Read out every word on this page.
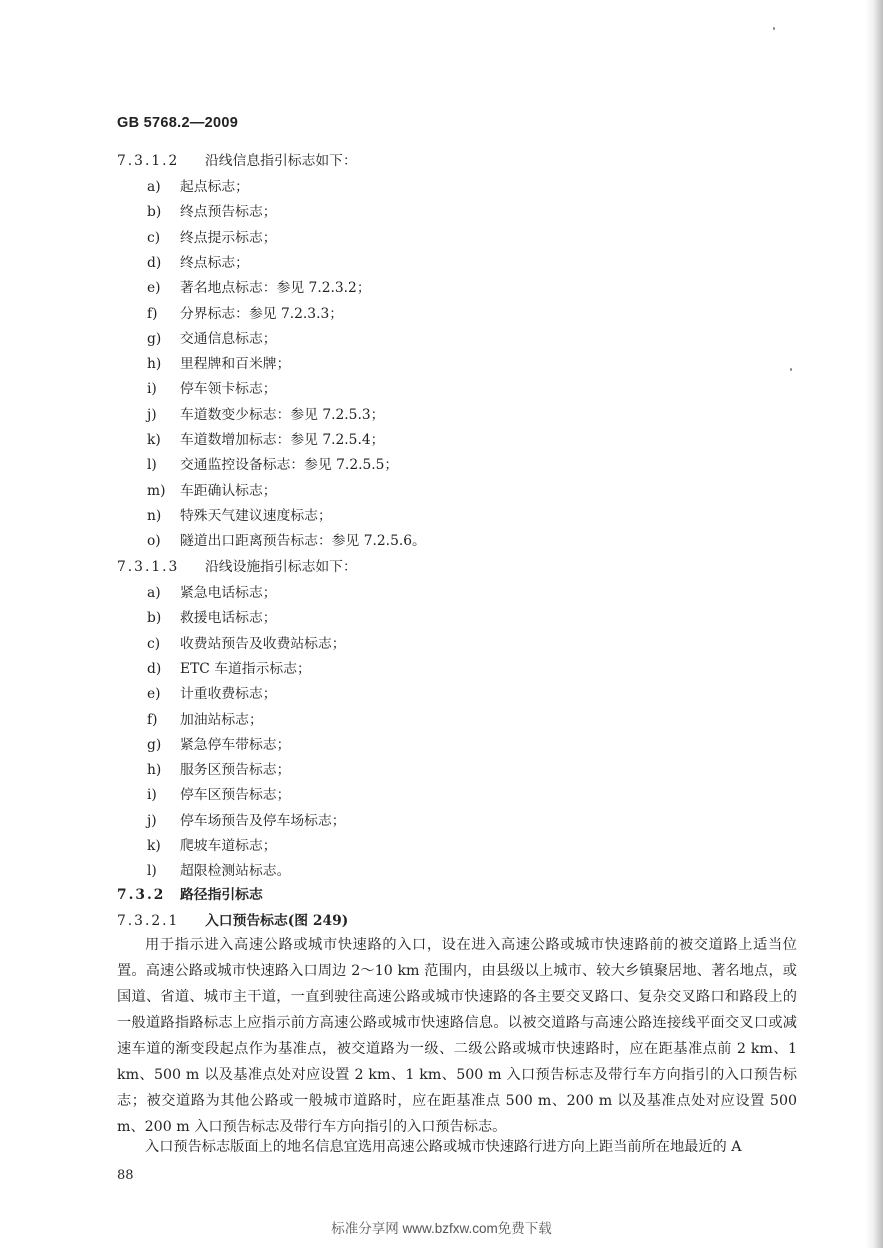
GB 5768.2—2009
7.3.1.2 沿线信息指引标志如下：
a) 起点标志；
b) 终点预告标志；
c) 终点提示标志；
d) 终点标志；
e) 著名地点标志：参见 7.2.3.2；
f) 分界标志：参见 7.2.3.3；
g) 交通信息标志；
h) 里程牌和百米牌；
i) 停车领卡标志；
j) 车道数变少标志：参见 7.2.5.3；
k) 车道数增加标志：参见 7.2.5.4；
l) 交通监控设备标志：参见 7.2.5.5；
m) 车距确认标志；
n) 特殊天气建议速度标志；
o) 隧道出口距离预告标志：参见 7.2.5.6。
7.3.1.3 沿线设施指引标志如下：
a) 紧急电话标志；
b) 救援电话标志；
c) 收费站预告及收费站标志；
d) ETC 车道指示标志；
e) 计重收费标志；
f) 加油站标志；
g) 紧急停车带标志；
h) 服务区预告标志；
i) 停车区预告标志；
j) 停车场预告及停车场标志；
k) 爬坡车道标志；
l) 超限检测站标志。
7.3.2 路径指引标志
7.3.2.1 入口预告标志(图 249)
用于指示进入高速公路或城市快速路的入口，设在进入高速公路或城市快速路前的被交道路上适当位置。高速公路或城市快速路入口周边 2～10 km 范围内，由县级以上城市、较大乡镇聚居地、著名地点，或国道、省道、城市主干道，一直到驶往高速公路或城市快速路的各主要交叉路口、复杂交叉路口和路段上的一般道路指路标志上应指示前方高速公路或城市快速路信息。以被交道路与高速公路连接线平面交叉口或减速车道的渐变段起点作为基准点，被交道路为一级、二级公路或城市快速路时，应在距基准点前 2 km、1 km、500 m 以及基准点处对应设置 2 km、1 km、500 m 入口预告标志及带行车方向指引的入口预告标志；被交道路为其他公路或一般城市道路时，应在距基准点 500 m、200 m 以及基准点处对应设置 500 m、200 m 入口预告标志及带行车方向指引的入口预告标志。
入口预告标志版面上的地名信息宜选用高速公路或城市快速路行进方向上距当前所在地最近的 A
88
标准分享网 www.bzfxw.com免费下载
